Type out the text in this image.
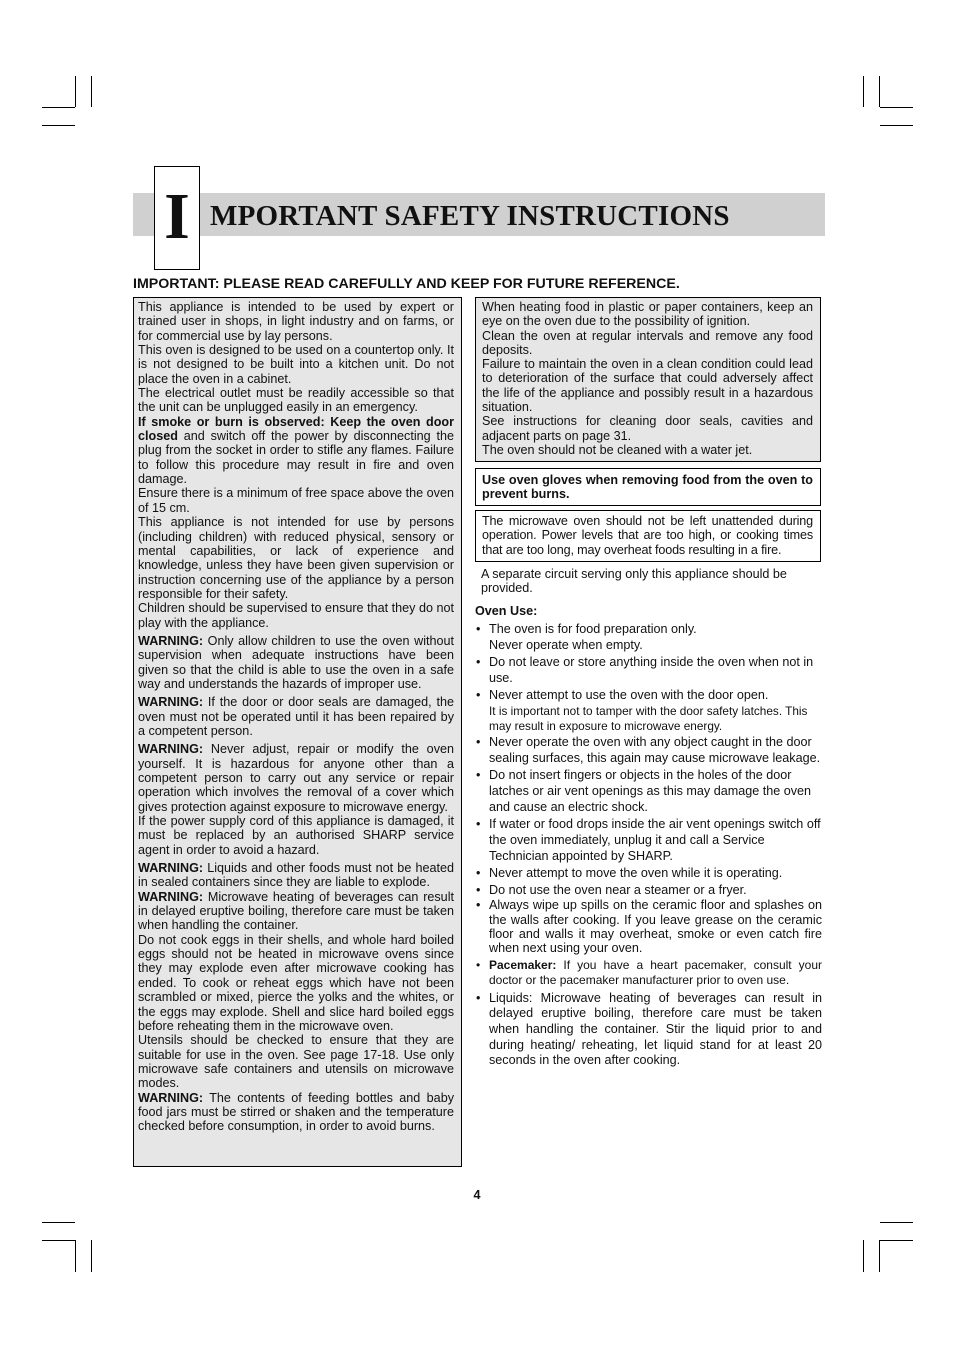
I MPORTANT SAFETY INSTRUCTIONS
IMPORTANT: PLEASE READ CAREFULLY AND KEEP FOR FUTURE REFERENCE.

This appliance is intended to be used by expert or trained user in shops, in light industry and on farms, or for commercial use by lay persons.

This oven is designed to be used on a countertop only. It is not designed to be built into a kitchen unit. Do not place the oven in a cabinet.

The electrical outlet must be readily accessible so that the unit can be unplugged easily in an emergency.

If smoke or burn is observed: Keep the oven door closed and switch off the power by disconnecting the plug from the socket in order to stifle any flames. Failure to follow this procedure may result in fire and oven damage.

Ensure there is a minimum of free space above the oven of 15 cm.

This appliance is not intended for use by persons (including children) with reduced physical, sensory or mental capabilities, or lack of experience and knowledge, unless they have been given supervision or instruction concerning use of the appliance by a person responsible for their safety.

Children should be supervised to ensure that they do not play with the appliance.

WARNING: Only allow children to use the oven without supervision when adequate instructions have been given so that the child is able to use the oven in a safe way and understands the hazards of improper use.

WARNING: If the door or door seals are damaged, the oven must not be operated until it has been repaired by a competent person.

WARNING: Never adjust, repair or modify the oven yourself. It is hazardous for anyone other than a competent person to carry out any service or repair operation which involves the removal of a cover which gives protection against exposure to microwave energy.

If the power supply cord of this appliance is damaged, it must be replaced by an authorised SHARP service agent in order to avoid a hazard.

WARNING: Liquids and other foods must not be heated in sealed containers since they are liable to explode.

WARNING: Microwave heating of beverages can result in delayed eruptive boiling, therefore care must be taken when handling the container.

Do not cook eggs in their shells, and whole hard boiled eggs should not be heated in microwave ovens since they may explode even after microwave cooking has ended. To cook or reheat eggs which have not been scrambled or mixed, pierce the yolks and the whites, or the eggs may explode. Shell and slice hard boiled eggs before reheating them in the microwave oven.

Utensils should be checked to ensure that they are suitable for use in the oven. See page 17-18. Use only microwave safe containers and utensils on microwave modes.

WARNING: The contents of feeding bottles and baby food jars must be stirred or shaken and the temperature checked before consumption, in order to avoid burns.

When heating food in plastic or paper containers, keep an eye on the oven due to the possibility of ignition.

Clean the oven at regular intervals and remove any food deposits.

Failure to maintain the oven in a clean condition could lead to deterioration of the surface that could adversely affect the life of the appliance and possibly result in a hazardous situation.

See instructions for cleaning door seals, cavities and adjacent parts on page 31.

The oven should not be cleaned with a water jet.

Use oven gloves when removing food from the oven to prevent burns.

The microwave oven should not be left unattended during operation. Power levels that are too high, or cooking times that are too long, may overheat foods resulting in a fire.

A separate circuit serving only this appliance should be provided.
Oven Use:
• The oven is for food preparation only.
Never operate when empty.
• Do not leave or store anything inside the oven when not in use.
• Never attempt to use the oven with the door open.
It is important not to tamper with the door safety latches. This may result in exposure to microwave energy.
• Never operate the oven with any object caught in the door sealing surfaces, this again may cause microwave leakage.
• Do not insert fingers or objects in the holes of the door latches or air vent openings as this may damage the oven and cause an electric shock.
• If water or food drops inside the air vent openings switch off the oven immediately, unplug it and call a Service Technician appointed by SHARP.
• Never attempt to move the oven while it is operating.
• Do not use the oven near a steamer or a fryer.
• Always wipe up spills on the ceramic floor and splashes on the walls after cooking. If you leave grease on the ceramic floor and walls it may overheat, smoke or even catch fire when next using your oven.
• Pacemaker: If you have a heart pacemaker, consult your doctor or the pacemaker manufacturer prior to oven use.
• Liquids: Microwave heating of beverages can result in delayed eruptive boiling, therefore care must be taken when handling the container. Stir the liquid prior to and during heating/ reheating, let liquid stand for at least 20 seconds in the oven after cooking.
4
